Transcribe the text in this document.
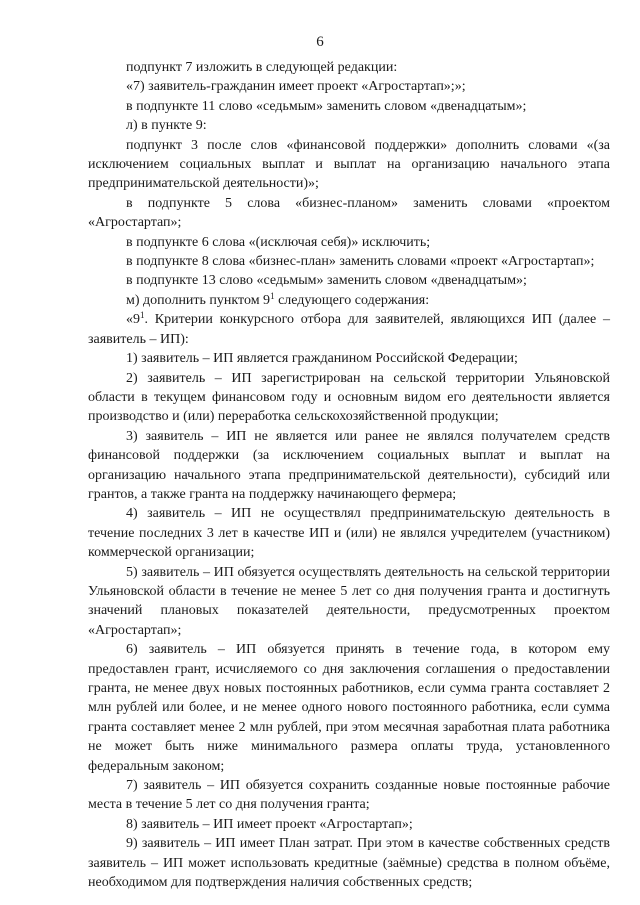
6

подпункт 7 изложить в следующей редакции:

«7) заявитель-гражданин имеет проект «Агростартап»;»;

в подпункте 11 слово «седьмым» заменить словом «двенадцатым»;

л) в пункте 9:

подпункт 3 после слов «финансовой поддержки» дополнить словами «(за исключением социальных выплат и выплат на организацию начального этапа предпринимательской деятельности)»;

в подпункте 5 слова «бизнес-планом» заменить словами «проектом «Агростартап»;

в подпункте 6 слова «(исключая себя)» исключить;

в подпункте 8 слова «бизнес-план» заменить словами «проект «Агростартап»;

в подпункте 13 слово «седьмым» заменить словом «двенадцатым»;

м) дополнить пунктом $9^1$ следующего содержания:

«$9^1$. Критерии конкурсного отбора для заявителей, являющихся ИП (далее – заявитель – ИП):

1) заявитель – ИП является гражданином Российской Федерации;

2) заявитель – ИП зарегистрирован на сельской территории Ульяновской области в текущем финансовом году и основным видом его деятельности является производство и (или) переработка сельскохозяйственной продукции;

3) заявитель – ИП не является или ранее не являлся получателем средств финансовой поддержки (за исключением социальных выплат и выплат на организацию начального этапа предпринимательской деятельности), субсидий или грантов, а также гранта на поддержку начинающего фермера;

4) заявитель – ИП не осуществлял предпринимательскую деятельность в течение последних 3 лет в качестве ИП и (или) не являлся учредителем (участником) коммерческой организации;

5) заявитель – ИП обязуется осуществлять деятельность на сельской территории Ульяновской области в течение не менее 5 лет со дня получения гранта и достигнуть значений плановых показателей деятельности, предусмотренных проектом «Агростартап»;

6) заявитель – ИП обязуется принять в течение года, в котором ему предоставлен грант, исчисляемого со дня заключения соглашения о предоставлении гранта, не менее двух новых постоянных работников, если сумма гранта составляет 2 млн рублей или более, и не менее одного нового постоянного работника, если сумма гранта составляет менее 2 млн рублей, при этом месячная заработная плата работника не может быть ниже минимального размера оплаты труда, установленного федеральным законом;

7) заявитель – ИП обязуется сохранить созданные новые постоянные рабочие места в течение 5 лет со дня получения гранта;

8) заявитель – ИП имеет проект «Агростартап»;

9) заявитель – ИП имеет План затрат. При этом в качестве собственных средств заявитель – ИП может использовать кредитные (заёмные) средства в полном объёме, необходимом для подтверждения наличия собственных средств;
